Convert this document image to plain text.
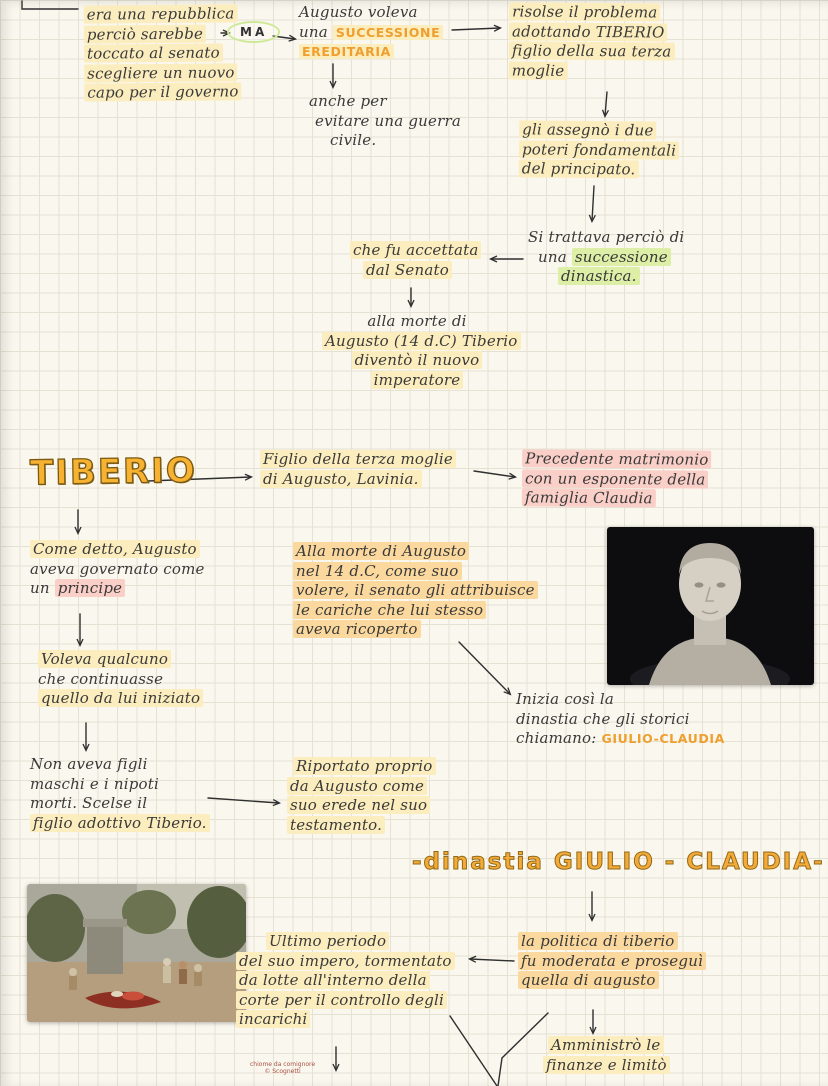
era una repubblica
perciò sarebbe
toccato al senato
scegliere un nuovo
capo per il governo
MA
Augusto voleva
una SUCCESSIONE
EREDITARIA
risolse il problema
adottando TIBERIO
figlio della sua terza
moglie
anche per
evitare una guerra
civile.
gli assegnò i due
poteri fondamentali
del principato.
Si trattava perciò di
una successione
dinastica.
che fu accettata
dal Senato
alla morte di
Augusto (14 d.C) Tiberio
diventò il nuovo
imperatore
TIBERIO	Figlio della terza moglie
di Augusto, Lavinia.
Precedente matrimonio
con un esponente della
famiglia Claudia
Come detto, Augusto
aveva governato come
un principe
Voleva qualcuno
che continuasse
quello da lui iniziato
Non aveva figli
maschi e i nipoti
morti. Scelse il
figlio adottivo Tiberio.
Riportato proprio
da Augusto come
suo erede nel suo
testamento.
Alla morte di Augusto
nel 14 d.C, come suo
volere, il senato gli attribuisce
le cariche che lui stesso
aveva ricoperto
Inizia così la
dinastia che gli storici
chiamano: GIULIO-CLAUDIA
-dinastia GIULIO - CLAUDIA-
Ultimo periodo
del suo impero, tormentato
da lotte all'interno della
corte per il controllo degli
incarichi
la politica di tiberio
fu moderata e proseguì
quella di augusto
Amministrò le
finanze e limitò
chiome da comignore
© Scognetti
